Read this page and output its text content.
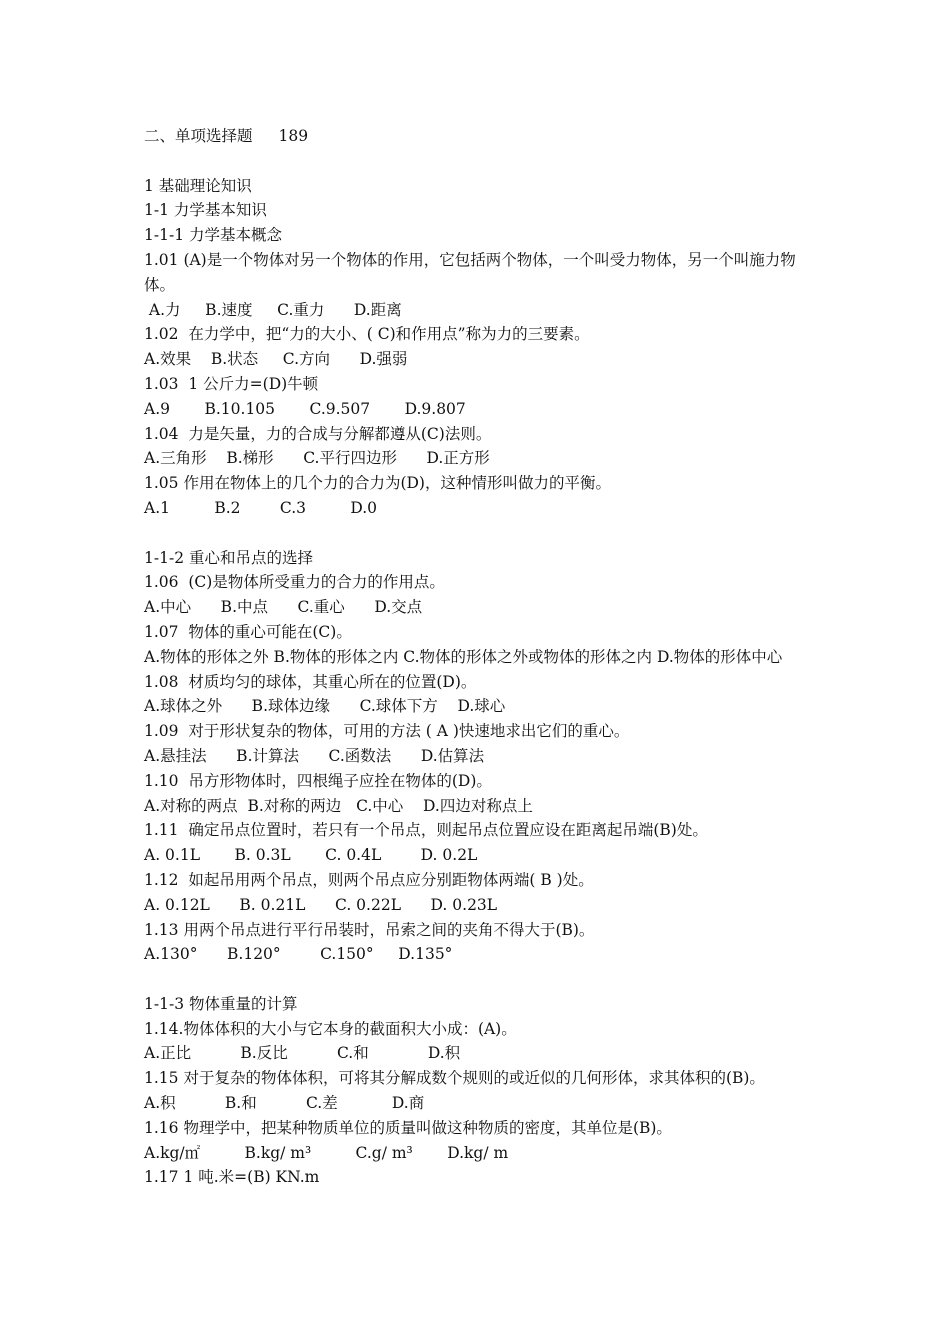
二、单项选择题 189
1 基础理论知识
1-1 力学基本知识
1-1-1 力学基本概念
1.01 (A)是一个物体对另一个物体的作用，它包括两个物体，一个叫受力物体，另一个叫施力物体。
A.力     B.速度     C.重力      D.距离
1.02  在力学中，把“力的大小、( C)和作用点”称为力的三要素。
A.效果    B.状态     C.方向      D.强弱
1.03  1 公斤力=(D)牛顿
A.9       B.10.105       C.9.507       D.9.807
1.04  力是矢量，力的合成与分解都遵从(C)法则。
A.三角形    B.梯形      C.平行四边形      D.正方形
1.05 作用在物体上的几个力的合力为(D)，这种情形叫做力的平衡。
A.1         B.2        C.3         D.0
1-1-2 重心和吊点的选择
1.06  (C)是物体所受重力的合力的作用点。
A.中心      B.中点      C.重心      D.交点
1.07  物体的重心可能在(C)。
A.物体的形体之外 B.物体的形体之内 C.物体的形体之外或物体的形体之内 D.物体的形体中心
1.08  材质均匀的球体，其重心所在的位置(D)。
A.球体之外      B.球体边缘      C.球体下方    D.球心
1.09  对于形状复杂的物体，可用的方法 ( A )快速地求出它们的重心。
A.悬挂法      B.计算法      C.函数法      D.估算法
1.10  吊方形物体时，四根绳子应拴在物体的(D)。
A.对称的两点  B.对称的两边   C.中心    D.四边对称点上
1.11  确定吊点位置时，若只有一个吊点，则起吊点位置应设在距离起吊端(B)处。
A. 0.1L       B. 0.3L       C. 0.4L        D. 0.2L
1.12  如起吊用两个吊点，则两个吊点应分别距物体两端( B )处。
A. 0.12L      B. 0.21L      C. 0.22L      D. 0.23L
1.13 用两个吊点进行平行吊装时，吊索之间的夹角不得大于(B)。
A.130°      B.120°        C.150°     D.135°
1-1-3 物体重量的计算
1.14.物体体积的大小与它本身的截面积大小成：(A)。
A.正比          B.反比          C.和            D.积
1.15 对于复杂的物体体积，可将其分解成数个规则的或近似的几何形体，求其体积的(B)。
A.积          B.和          C.差           D.商
1.16 物理学中，把某种物质单位的质量叫做这种物质的密度，其单位是(B)。
A.kg/㎡         B.kg/ m³         C.g/ m³       D.kg/ m
1.17 1 吨.米=(B) KN.m
